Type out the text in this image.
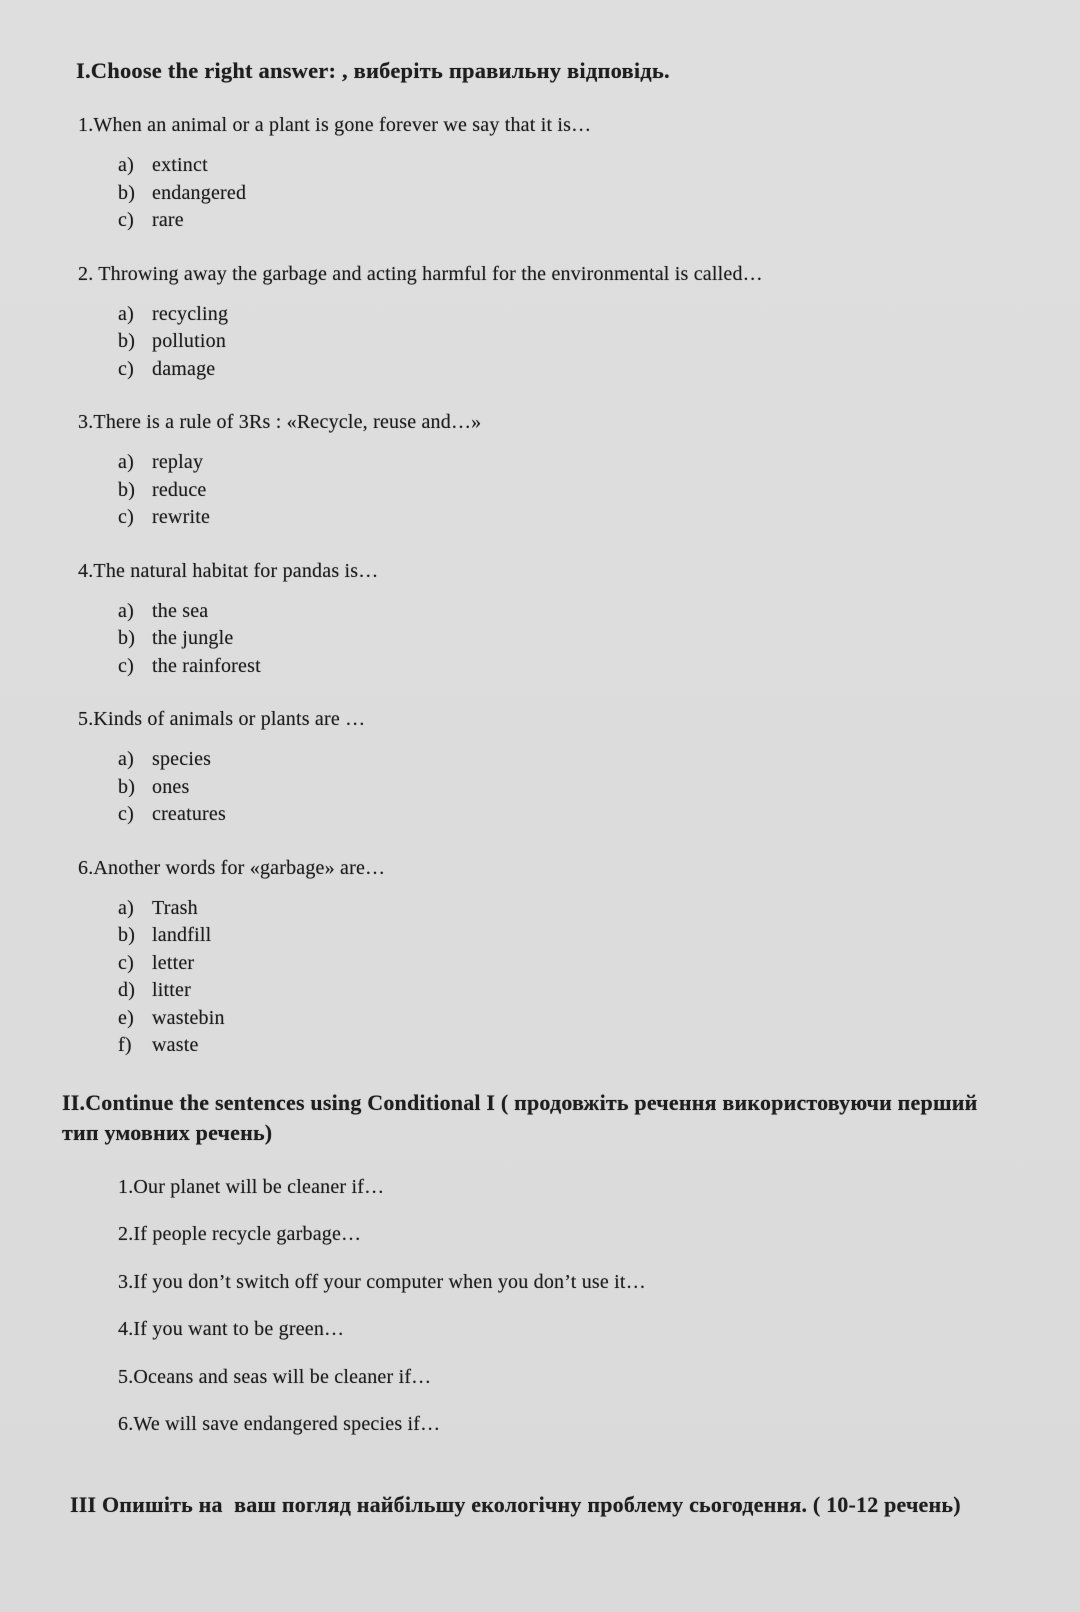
I.Choose the right answer: , виберіть правильну відповідь.

1.When an animal or a plant is gone forever we say that it is…

a) extinct
b) endangered
c) rare

2. Throwing away the garbage and acting harmful for the environmental is called…

a) recycling
b) pollution
c) damage

3.There is a rule of 3Rs : «Recycle, reuse and…»

a) replay
b) reduce
c) rewrite

4.The natural habitat for pandas is…

a) the sea
b) the jungle
c) the rainforest

5.Kinds of animals or plants are …

a) species
b) ones
c) creatures

6.Another words for «garbage» are…

a) Trash
b) landfill
c) letter
d) litter
e) wastebin
f)	waste
II.Continue the sentences using Conditional I ( продовжіть речення використовуючи перший тип умовних речень)

1.Our planet will be cleaner if…

2.If people recycle garbage…

3.If you don’t switch off your computer when you don’t use it…

4.If you want to be green…

5.Oceans and seas will be cleaner if…

6.We will save endangered species if…

III Опишіть на  ваш погляд найбільшу екологічну проблему сьогодення. ( 10-12 речень)
